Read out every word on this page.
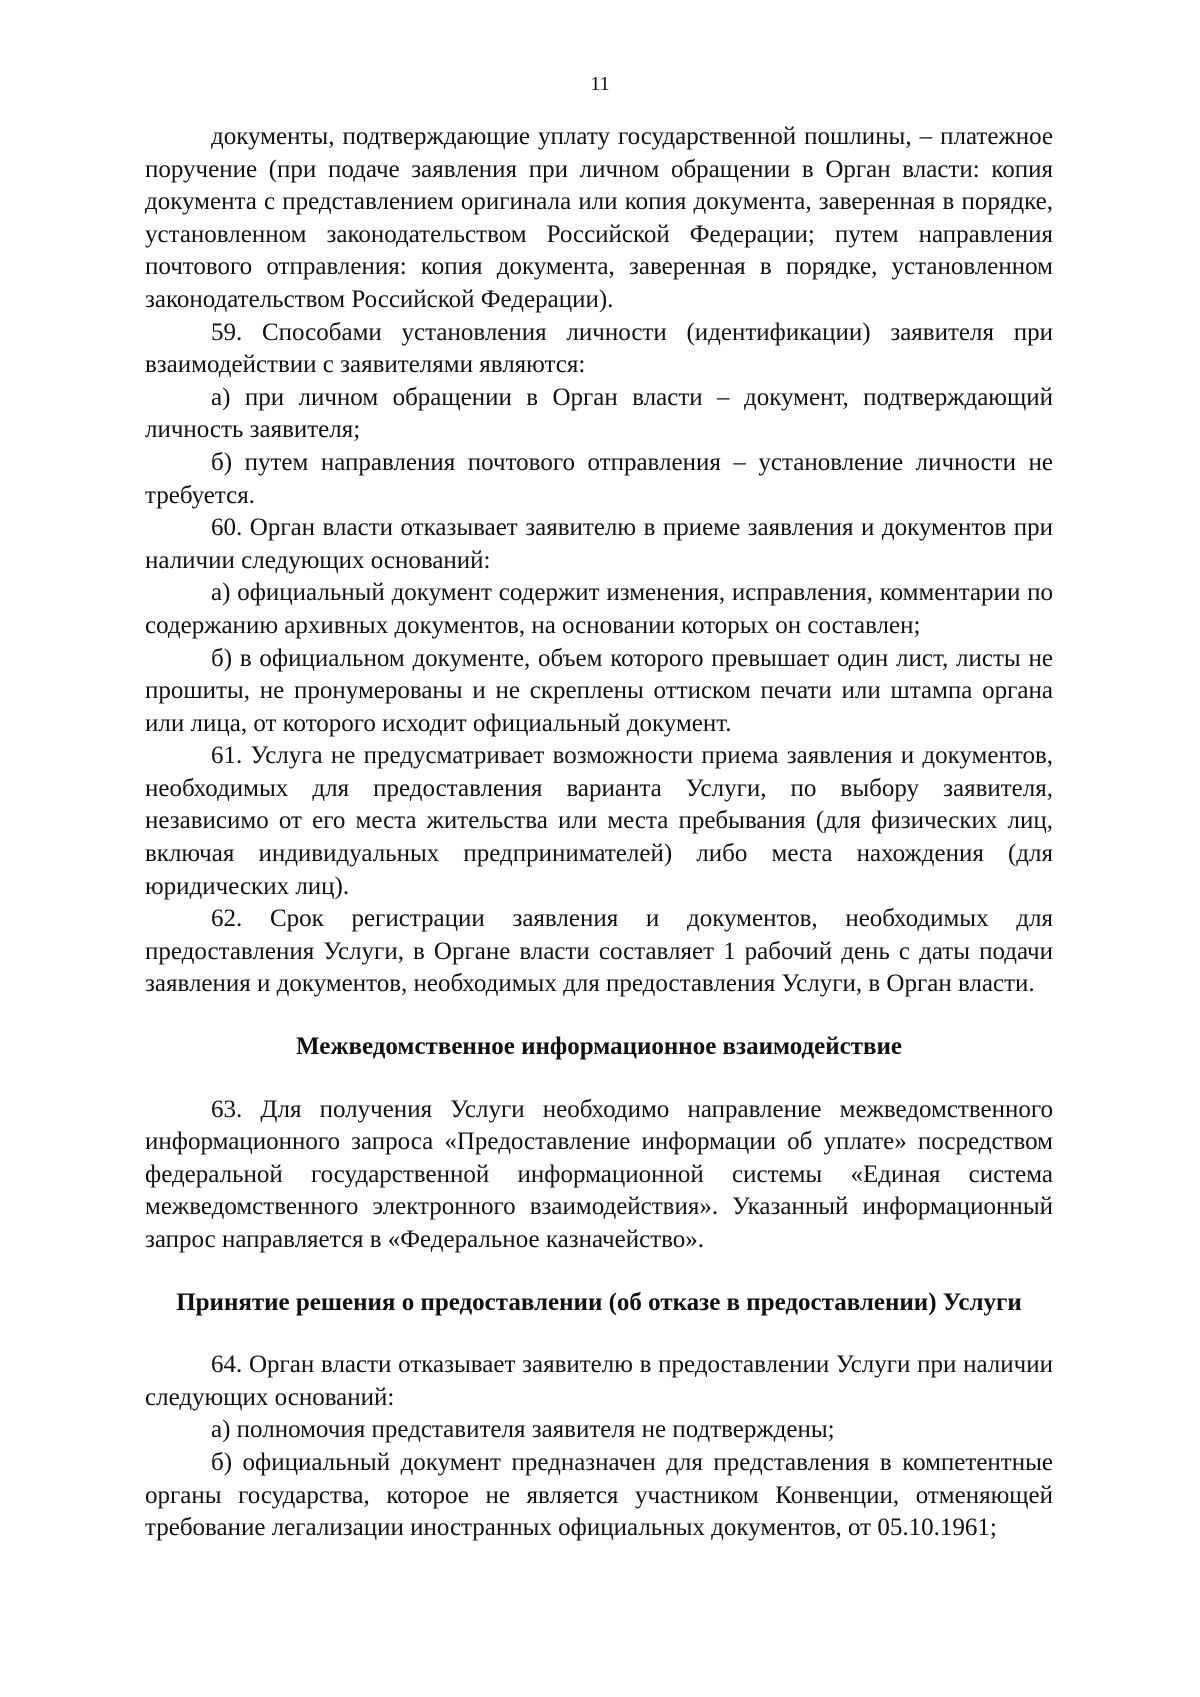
11

документы, подтверждающие уплату государственной пошлины, – платежное поручение (при подаче заявления при личном обращении в Орган власти: копия документа с представлением оригинала или копия документа, заверенная в порядке, установленном законодательством Российской Федерации; путем направления почтового отправления: копия документа, заверенная в порядке, установленном законодательством Российской Федерации).

59. Способами установления личности (идентификации) заявителя при взаимодействии с заявителями являются:

а) при личном обращении в Орган власти – документ, подтверждающий личность заявителя;

б) путем направления почтового отправления – установление личности не требуется.

60. Орган власти отказывает заявителю в приеме заявления и документов при наличии следующих оснований:

а) официальный документ содержит изменения, исправления, комментарии по содержанию архивных документов, на основании которых он составлен;

б) в официальном документе, объем которого превышает один лист, листы не прошиты, не пронумерованы и не скреплены оттиском печати или штампа органа или лица, от которого исходит официальный документ.

61. Услуга не предусматривает возможности приема заявления и документов, необходимых для предоставления варианта Услуги, по выбору заявителя, независимо от его места жительства или места пребывания (для физических лиц, включая индивидуальных предпринимателей) либо места нахождения (для юридических лиц).

62. Срок регистрации заявления и документов, необходимых для предоставления Услуги, в Органе власти составляет 1 рабочий день с даты подачи заявления и документов, необходимых для предоставления Услуги, в Орган власти.

Межведомственное информационное взаимодействие

63. Для получения Услуги необходимо направление межведомственного информационного запроса «Предоставление информации об уплате» посредством федеральной государственной информационной системы «Единая система межведомственного электронного взаимодействия». Указанный информационный запрос направляется в «Федеральное казначейство».

Принятие решения о предоставлении (об отказе в предоставлении) Услуги

64. Орган власти отказывает заявителю в предоставлении Услуги при наличии следующих оснований:

а) полномочия представителя заявителя не подтверждены;

б) официальный документ предназначен для представления в компетентные органы государства, которое не является участником Конвенции, отменяющей требование легализации иностранных официальных документов, от 05.10.1961;
